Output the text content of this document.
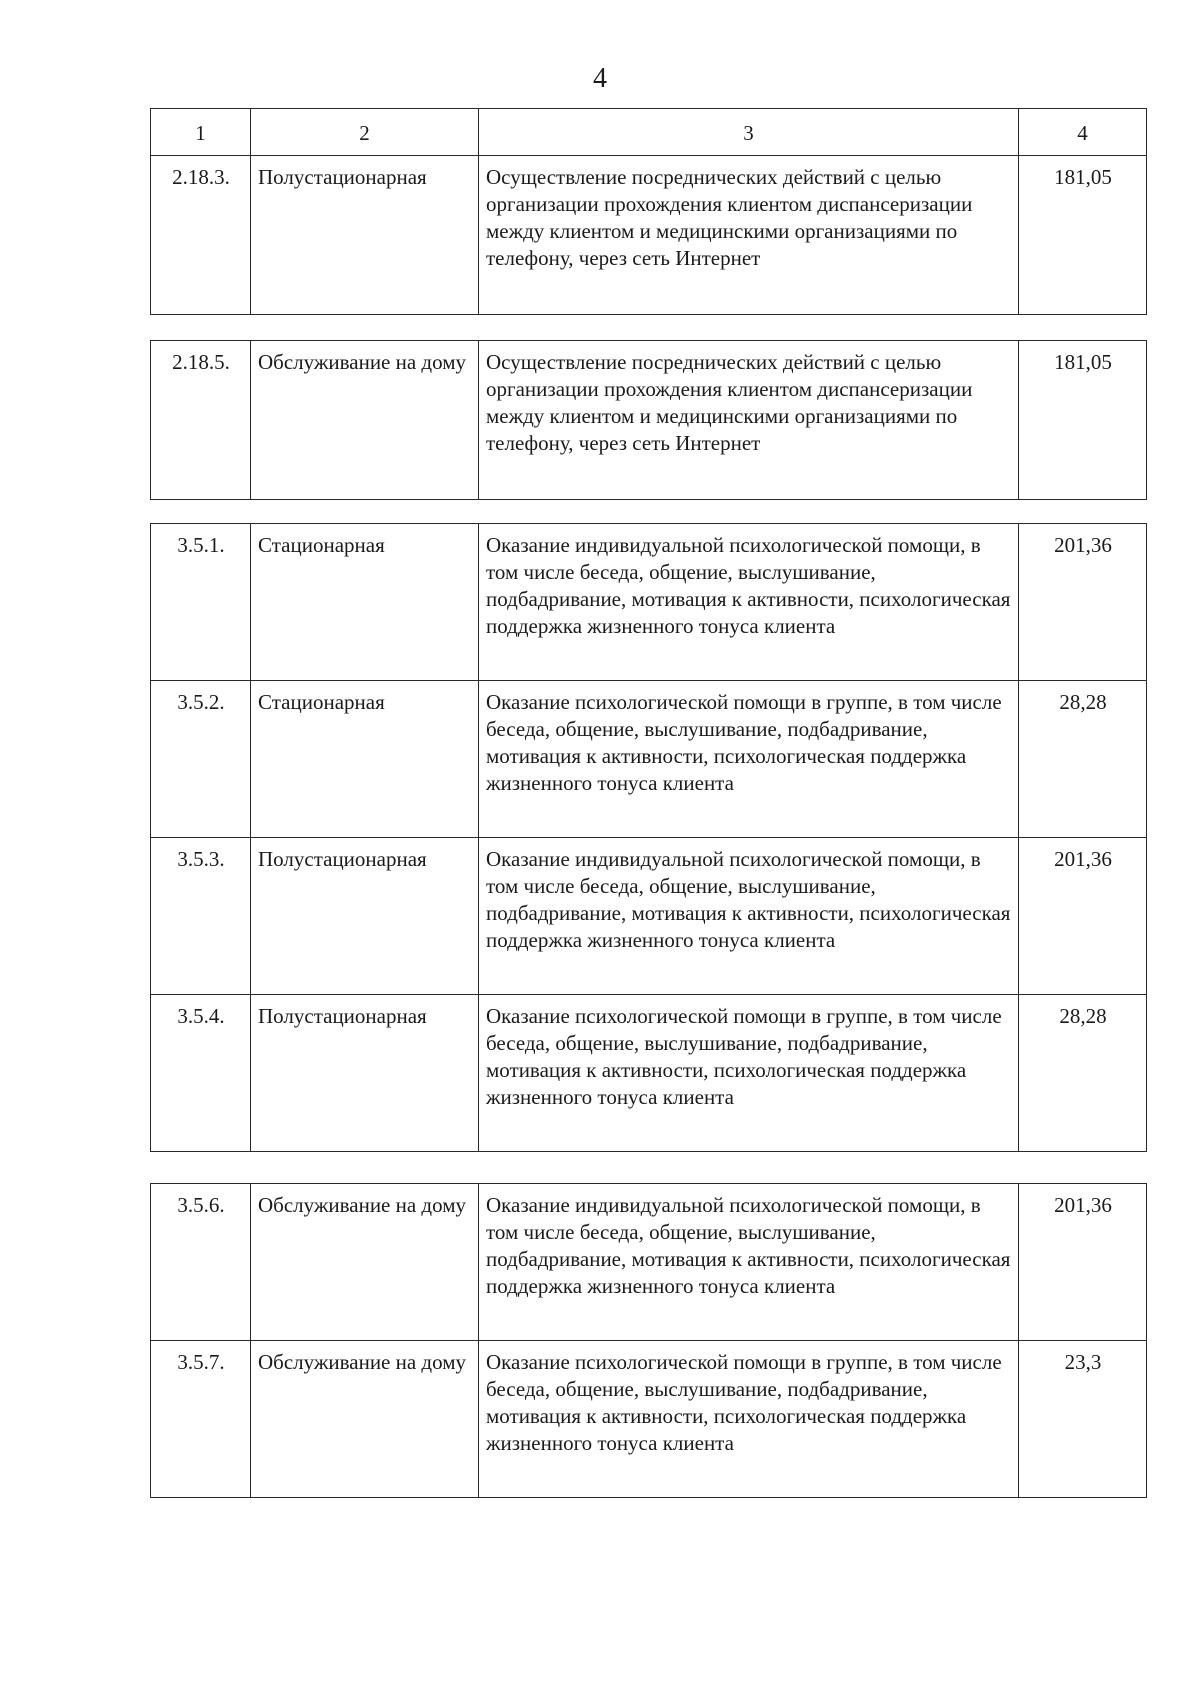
4
1	2	3	4
2.18.3.	Полустационарная	Осуществление посреднических действий с целью организации прохождения клиентом диспансеризации между клиентом и медицинскими организациями по телефону, через сеть Интернет	181,05
2.18.5.	Обслуживание на дому	Осуществление посреднических действий с целью организации прохождения клиентом диспансеризации между клиентом и медицинскими организациями по телефону, через сеть Интернет	181,05
3.5.1.	Стационарная	Оказание индивидуальной психологической помощи, в том числе беседа, общение, выслушивание, подбадривание, мотивация к активности, психологическая поддержка жизненного тонуса клиента	201,36
3.5.2.	Стационарная	Оказание психологической помощи в группе, в том числе беседа, общение, выслушивание, подбадривание, мотивация к активности, психологическая поддержка жизненного тонуса клиента	28,28
3.5.3.	Полустационарная	Оказание индивидуальной психологической помощи, в том числе беседа, общение, выслушивание, подбадривание, мотивация к активности, психологическая поддержка жизненного тонуса клиента	201,36
3.5.4.	Полустационарная	Оказание психологической помощи в группе, в том числе беседа, общение, выслушивание, подбадривание, мотивация к активности, психологическая поддержка жизненного тонуса клиента	28,28
3.5.6.	Обслуживание на дому	Оказание индивидуальной психологической помощи, в том числе беседа, общение, выслушивание, подбадривание, мотивация к активности, психологическая поддержка жизненного тонуса клиента	201,36
3.5.7.	Обслуживание на дому	Оказание психологической помощи в группе, в том числе беседа, общение, выслушивание, подбадривание, мотивация к активности, психологическая поддержка жизненного тонуса клиента	23,3
